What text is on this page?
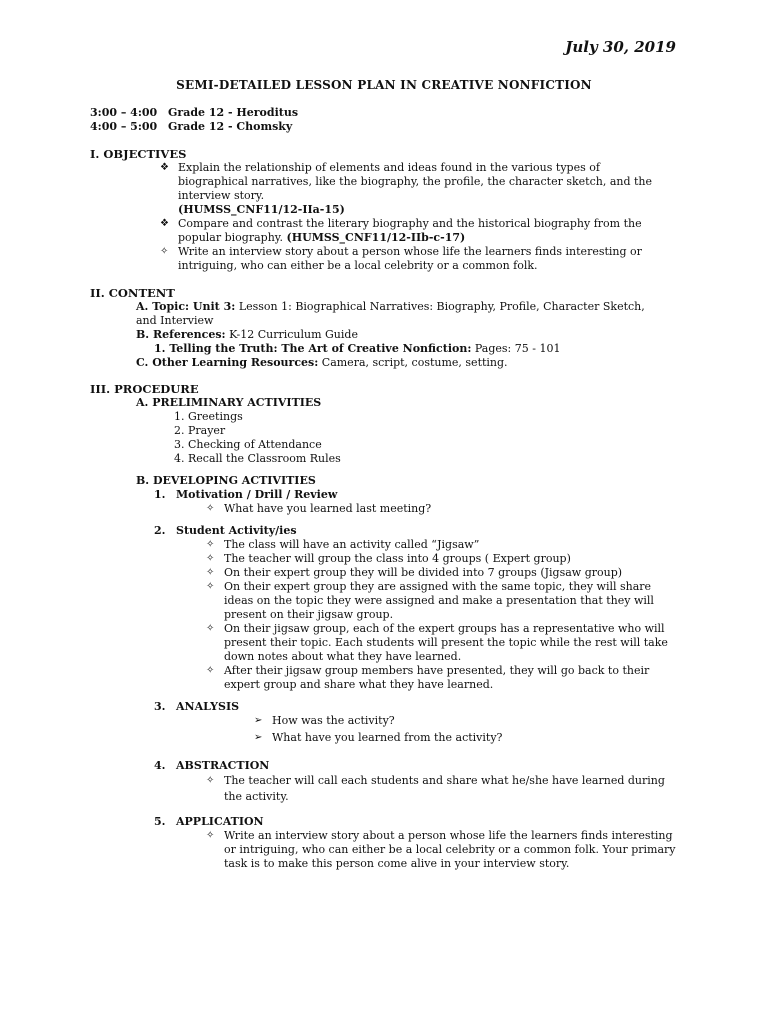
July 30, 2019
SEMI-DETAILED LESSON PLAN IN CREATIVE NONFICTION
3:00 – 4:00 Grade 12 - Heroditus
4:00 – 5:00 Grade 12 - Chomsky
I. OBJECTIVES
❖ Explain the relationship of elements and ideas found in the various types of biographical narratives, like the biography, the profile, the character sketch, and the interview story.
(HUMSS_CNF11/12-IIa-15)
❖ Compare and contrast the literary biography and the historical biography from the popular biography. (HUMSS_CNF11/12-IIb-c-17)
✧ Write an interview story about a person whose life the learners finds interesting or intriguing, who can either be a local celebrity or a common folk.
II. CONTENT
A. Topic: Unit 3: Lesson 1: Biographical Narratives: Biography, Profile, Character Sketch, and Interview
B. References: K-12 Curriculum Guide
1. Telling the Truth: The Art of Creative Nonfiction: Pages: 75 - 101
C. Other Learning Resources: Camera, script, costume, setting.
III. PROCEDURE
A. PRELIMINARY ACTIVITIES
1. Greetings
2. Prayer
3. Checking of Attendance
4. Recall the Classroom Rules
B. DEVELOPING ACTIVITIES
1. Motivation / Drill / Review
✧ What have you learned last meeting?
2. Student Activity/ies
✧ The class will have an activity called “Jigsaw”
✧ The teacher will group the class into 4 groups ( Expert group)
✧ On their expert group they will be divided into 7 groups (Jigsaw group)
✧ On their expert group they are assigned with the same topic, they will share ideas on the topic they were assigned and make a presentation that they will present on their jigsaw group.
✧ On their jigsaw group, each of the expert groups has a representative who will present their topic. Each students will present the topic while the rest will take down notes about what they have learned.
✧ After their jigsaw group members have presented, they will go back to their expert group and share what they have learned.
3. ANALYSIS
➢ How was the activity?
➢ What have you learned from the activity?
4. ABSTRACTION
✧ The teacher will call each students and share what he/she have learned during the activity.
5. APPLICATION
✧ Write an interview story about a person whose life the learners finds interesting or intriguing, who can either be a local celebrity or a common folk. Your primary task is to make this person come alive in your interview story.
